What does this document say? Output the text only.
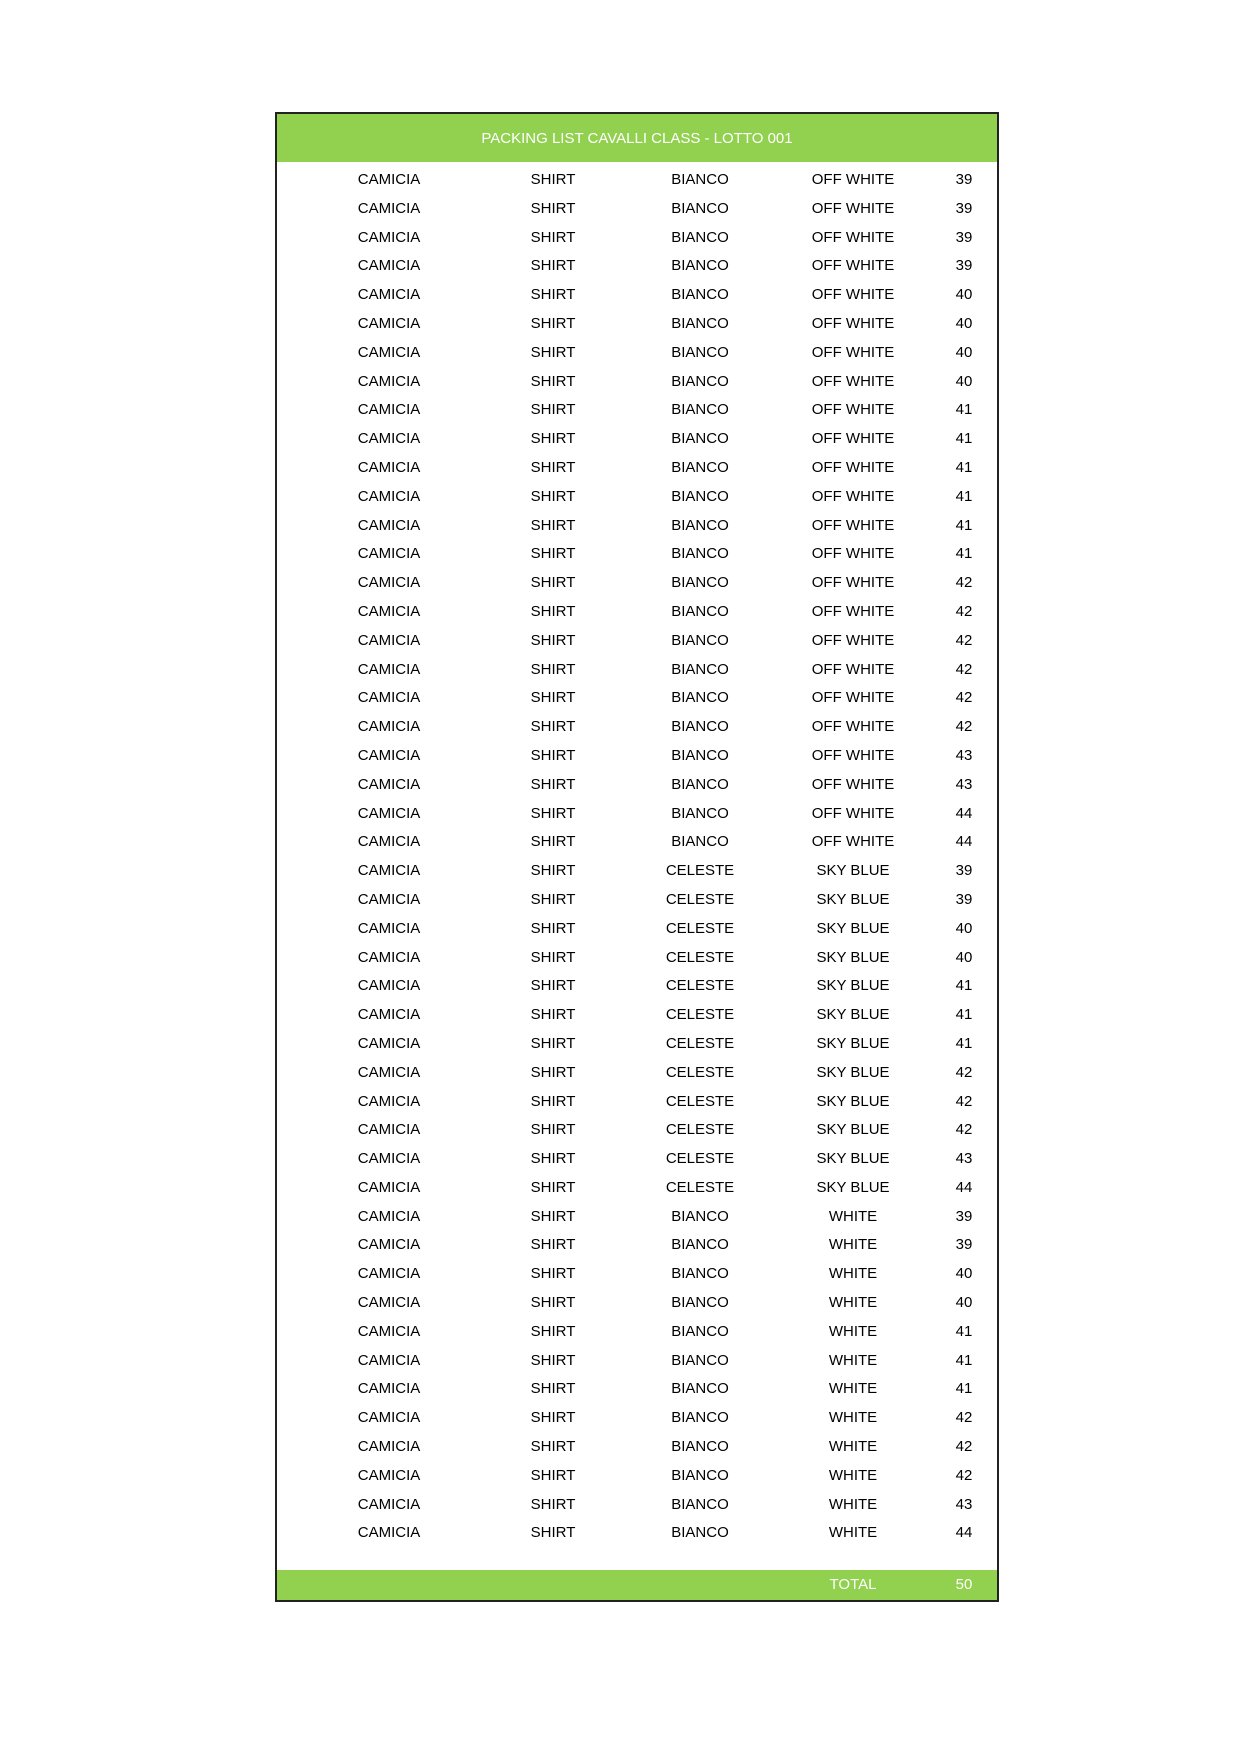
PACKING LIST CAVALLI CLASS - LOTTO 001
CAMICIA	SHIRT	BIANCO	OFF WHITE	39
CAMICIA	SHIRT	BIANCO	OFF WHITE	39
CAMICIA	SHIRT	BIANCO	OFF WHITE	39
CAMICIA	SHIRT	BIANCO	OFF WHITE	39
CAMICIA	SHIRT	BIANCO	OFF WHITE	40
CAMICIA	SHIRT	BIANCO	OFF WHITE	40
CAMICIA	SHIRT	BIANCO	OFF WHITE	40
CAMICIA	SHIRT	BIANCO	OFF WHITE	40
CAMICIA	SHIRT	BIANCO	OFF WHITE	41
CAMICIA	SHIRT	BIANCO	OFF WHITE	41
CAMICIA	SHIRT	BIANCO	OFF WHITE	41
CAMICIA	SHIRT	BIANCO	OFF WHITE	41
CAMICIA	SHIRT	BIANCO	OFF WHITE	41
CAMICIA	SHIRT	BIANCO	OFF WHITE	41
CAMICIA	SHIRT	BIANCO	OFF WHITE	42
CAMICIA	SHIRT	BIANCO	OFF WHITE	42
CAMICIA	SHIRT	BIANCO	OFF WHITE	42
CAMICIA	SHIRT	BIANCO	OFF WHITE	42
CAMICIA	SHIRT	BIANCO	OFF WHITE	42
CAMICIA	SHIRT	BIANCO	OFF WHITE	42
CAMICIA	SHIRT	BIANCO	OFF WHITE	43
CAMICIA	SHIRT	BIANCO	OFF WHITE	43
CAMICIA	SHIRT	BIANCO	OFF WHITE	44
CAMICIA	SHIRT	BIANCO	OFF WHITE	44
CAMICIA	SHIRT	CELESTE	SKY BLUE	39
CAMICIA	SHIRT	CELESTE	SKY BLUE	39
CAMICIA	SHIRT	CELESTE	SKY BLUE	40
CAMICIA	SHIRT	CELESTE	SKY BLUE	40
CAMICIA	SHIRT	CELESTE	SKY BLUE	41
CAMICIA	SHIRT	CELESTE	SKY BLUE	41
CAMICIA	SHIRT	CELESTE	SKY BLUE	41
CAMICIA	SHIRT	CELESTE	SKY BLUE	42
CAMICIA	SHIRT	CELESTE	SKY BLUE	42
CAMICIA	SHIRT	CELESTE	SKY BLUE	42
CAMICIA	SHIRT	CELESTE	SKY BLUE	43
CAMICIA	SHIRT	CELESTE	SKY BLUE	44
CAMICIA	SHIRT	BIANCO	WHITE	39
CAMICIA	SHIRT	BIANCO	WHITE	39
CAMICIA	SHIRT	BIANCO	WHITE	40
CAMICIA	SHIRT	BIANCO	WHITE	40
CAMICIA	SHIRT	BIANCO	WHITE	41
CAMICIA	SHIRT	BIANCO	WHITE	41
CAMICIA	SHIRT	BIANCO	WHITE	41
CAMICIA	SHIRT	BIANCO	WHITE	42
CAMICIA	SHIRT	BIANCO	WHITE	42
CAMICIA	SHIRT	BIANCO	WHITE	42
CAMICIA	SHIRT	BIANCO	WHITE	43
CAMICIA	SHIRT	BIANCO	WHITE	44
TOTAL	50
